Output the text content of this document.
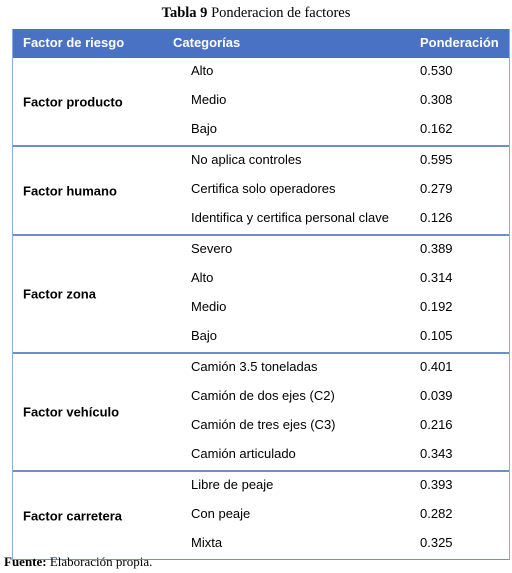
Tabla 9 Ponderacion de factores
Factor de riesgo	Categorías	Ponderación
Factor producto
Alto	0.530
Medio	0.308
Bajo	0.162
Factor humano
No aplica controles	0.595
Certifica solo operadores	0.279
Identifica y certifica personal clave 0.126
Factor zona
Severo	0.389
Alto	0.314
Medio	0.192
Bajo	0.105
Factor vehículo
Camión 3.5 toneladas	0.401
Camión de dos ejes (C2)	0.039
Camión de tres ejes (C3)	0.216
Camión articulado	0.343
Factor carretera
Libre de peaje	0.393
Con peaje	0.282
Mixta	0.325
Fuente: Elaboración propia.
